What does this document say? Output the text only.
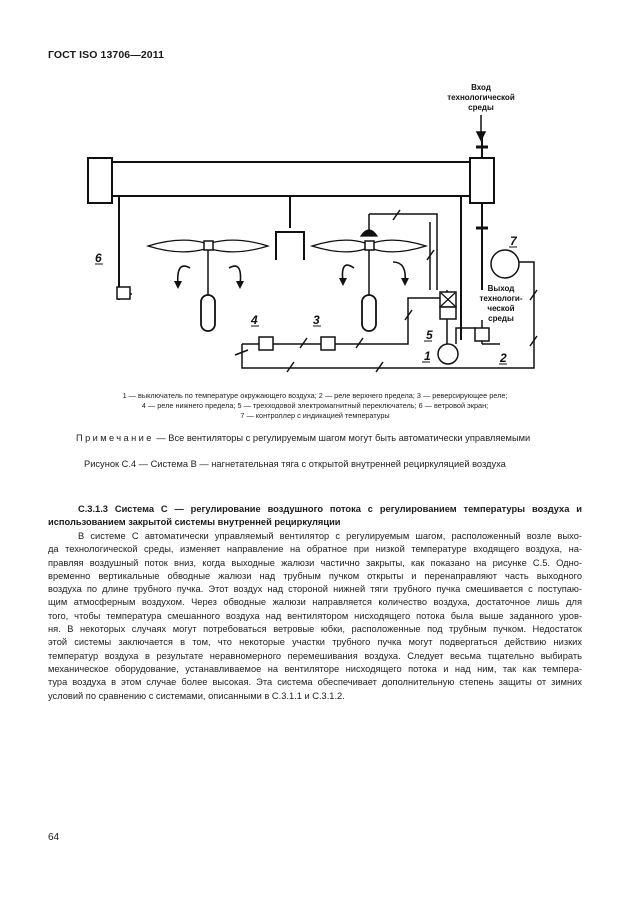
ГОСТ ISO 13706—2011
6
4	3
5
1	2
7
Вход
технологической
среды
Выход
технологи-
ческой
среды
1 — выключатель по температуре окружающего воздуха; 2 — реле верхнего предела; 3 — реверсирующее реле;
4 — реле нижнего предела; 5 — трехходовой электромагнитный переключатель; 6 — ветровой экран;
7 — контроллер с индикацией температуры
Примечание — Все вентиляторы с регулируемым шагом могут быть автоматически управляемыми
Рисунок С.4 — Система В — нагнетательная тяга с открытой внутренней рециркуляцией воздуха
С.3.1.3 Система С — регулирование воздушного потока с регулированием температуры воздуха и использованием закрытой системы внутренней рециркуляции
В системе С автоматически управляемый вентилятор с регулируемым шагом, расположенный возле выхо-
да технологической среды, изменяет направление на обратное при низкой температуре входящего воздуха, на-
правляя воздушный поток вниз, когда выходные жалюзи частично закрыты, как показано на рисунке С.5. Одно-
временно вертикальные обводные жалюзи над трубным пучком открыты и перенаправляют часть выходного
воздуха по длине трубного пучка. Этот воздух над стороной нижней тяги трубного пучка смешивается с поступаю-
щим атмосферным воздухом. Через обводные жалюзи направляется количество воздуха, достаточное лишь для
того, чтобы температура смешанного воздуха над вентилятором нисходящего потока была выше заданного уров-
ня. В некоторых случаях могут потребоваться ветровые юбки, расположенные под трубным пучком. Недостаток
этой системы заключается в том, что некоторые участки трубного пучка могут подвергаться действию низких
температур воздуха в результате неравномерного перемешивания воздуха. Следует весьма тщательно выбирать
механическое оборудование, устанавливаемое на вентиляторе нисходящего потока и над ним, так как темпера-
тура воздуха в этом случае более высокая. Эта система обеспечивает дополнительную степень защиты от зимних
условий по сравнению с системами, описанными в С.3.1.1 и С.3.1.2.
64
